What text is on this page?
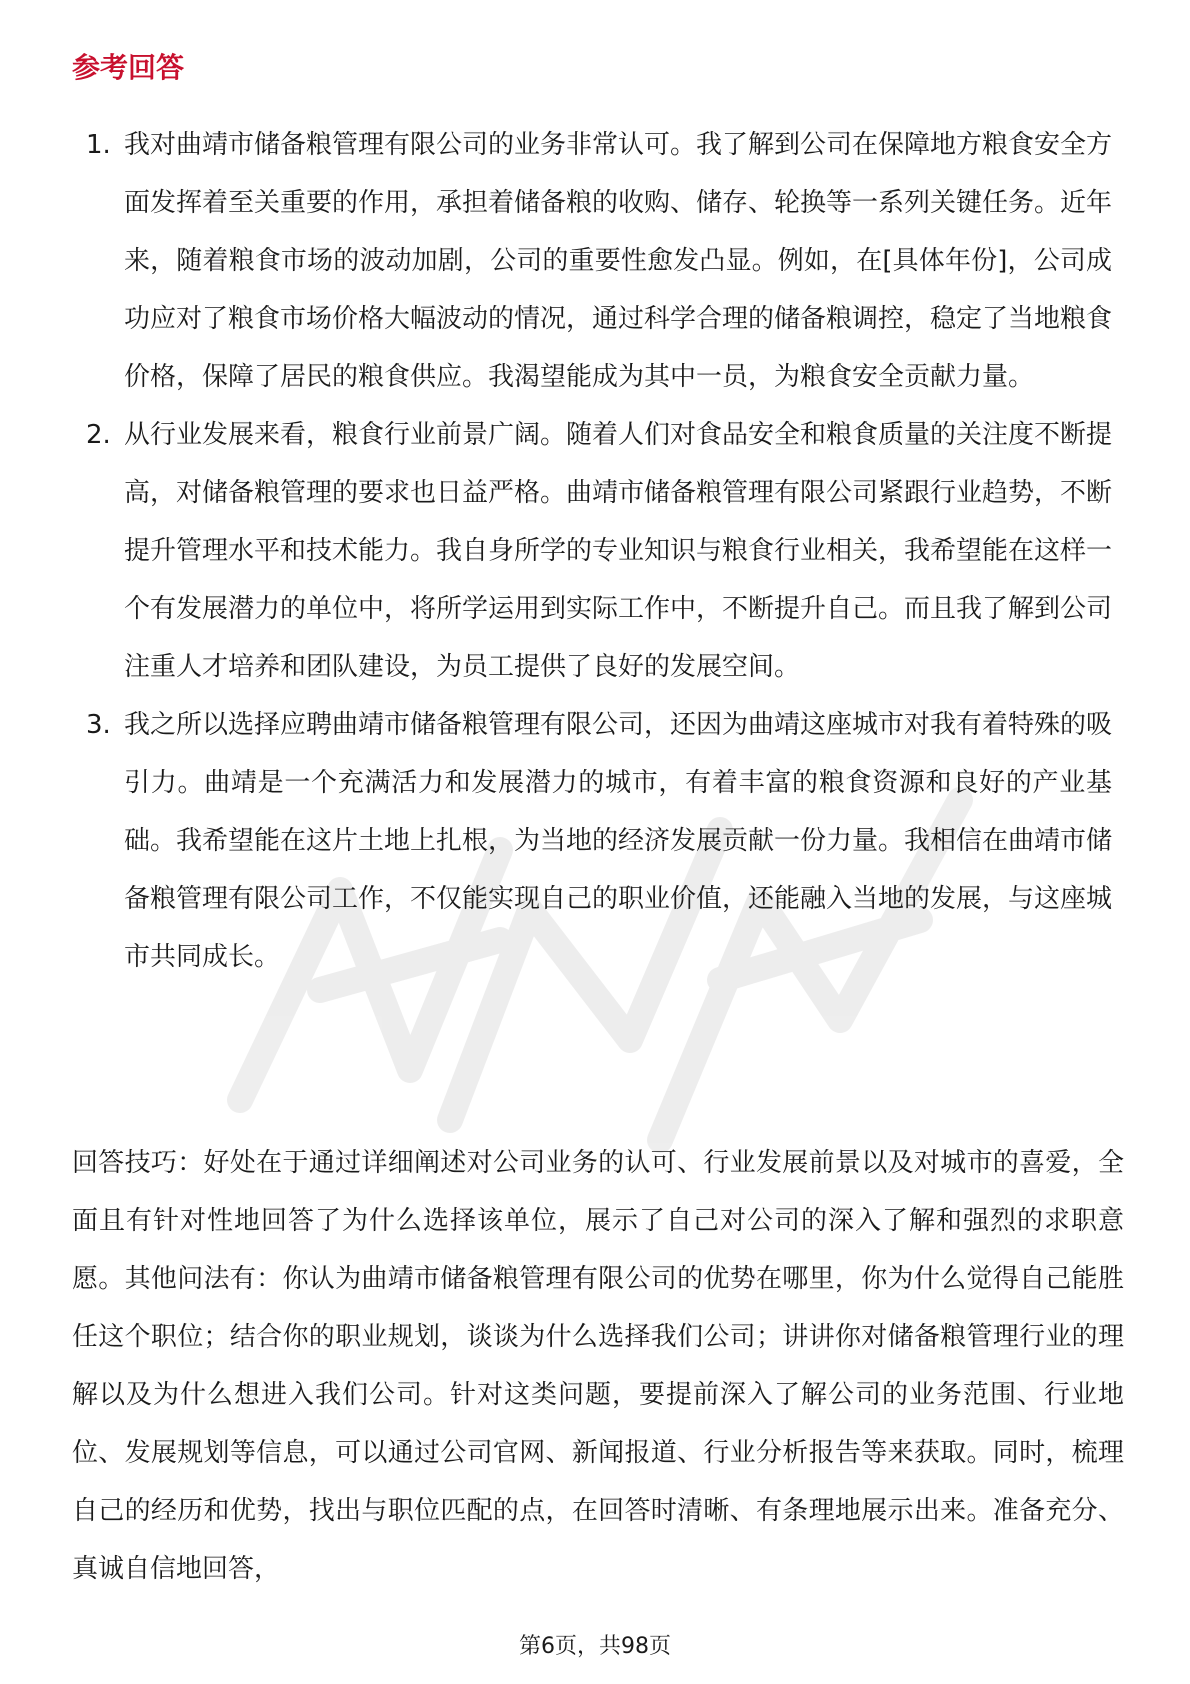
参考回答
1. 我对曲靖市储备粮管理有限公司的业务非常认可。我了解到公司在保障地方粮食安全方面发挥着至关重要的作用，承担着储备粮的收购、储存、轮换等一系列关键任务。近年来，随着粮食市场的波动加剧，公司的重要性愈发凸显。例如，在[具体年份]，公司成功应对了粮食市场价格大幅波动的情况，通过科学合理的储备粮调控，稳定了当地粮食价格，保障了居民的粮食供应。我渴望能成为其中一员，为粮食安全贡献力量。
2. 从行业发展来看，粮食行业前景广阔。随着人们对食品安全和粮食质量的关注度不断提高，对储备粮管理的要求也日益严格。曲靖市储备粮管理有限公司紧跟行业趋势，不断提升管理水平和技术能力。我自身所学的专业知识与粮食行业相关，我希望能在这样一个有发展潜力的单位中，将所学运用到实际工作中，不断提升自己。而且我了解到公司注重人才培养和团队建设，为员工提供了良好的发展空间。
3. 我之所以选择应聘曲靖市储备粮管理有限公司，还因为曲靖这座城市对我有着特殊的吸引力。曲靖是一个充满活力和发展潜力的城市，有着丰富的粮食资源和良好的产业基础。我希望能在这片土地上扎根，为当地的经济发展贡献一份力量。我相信在曲靖市储备粮管理有限公司工作，不仅能实现自己的职业价值，还能融入当地的发展，与这座城市共同成长。

回答技巧：好处在于通过详细阐述对公司业务的认可、行业发展前景以及对城市的喜爱，全面且有针对性地回答了为什么选择该单位，展示了自己对公司的深入了解和强烈的求职意愿。其他问法有：你认为曲靖市储备粮管理有限公司的优势在哪里，你为什么觉得自己能胜任这个职位；结合你的职业规划，谈谈为什么选择我们公司；讲讲你对储备粮管理行业的理解以及为什么想进入我们公司。针对这类问题，要提前深入了解公司的业务范围、行业地位、发展规划等信息，可以通过公司官网、新闻报道、行业分析报告等来获取。同时，梳理自己的经历和优势，找出与职位匹配的点，在回答时清晰、有条理地展示出来。准备充分、真诚自信地回答，

第6页，共98页
